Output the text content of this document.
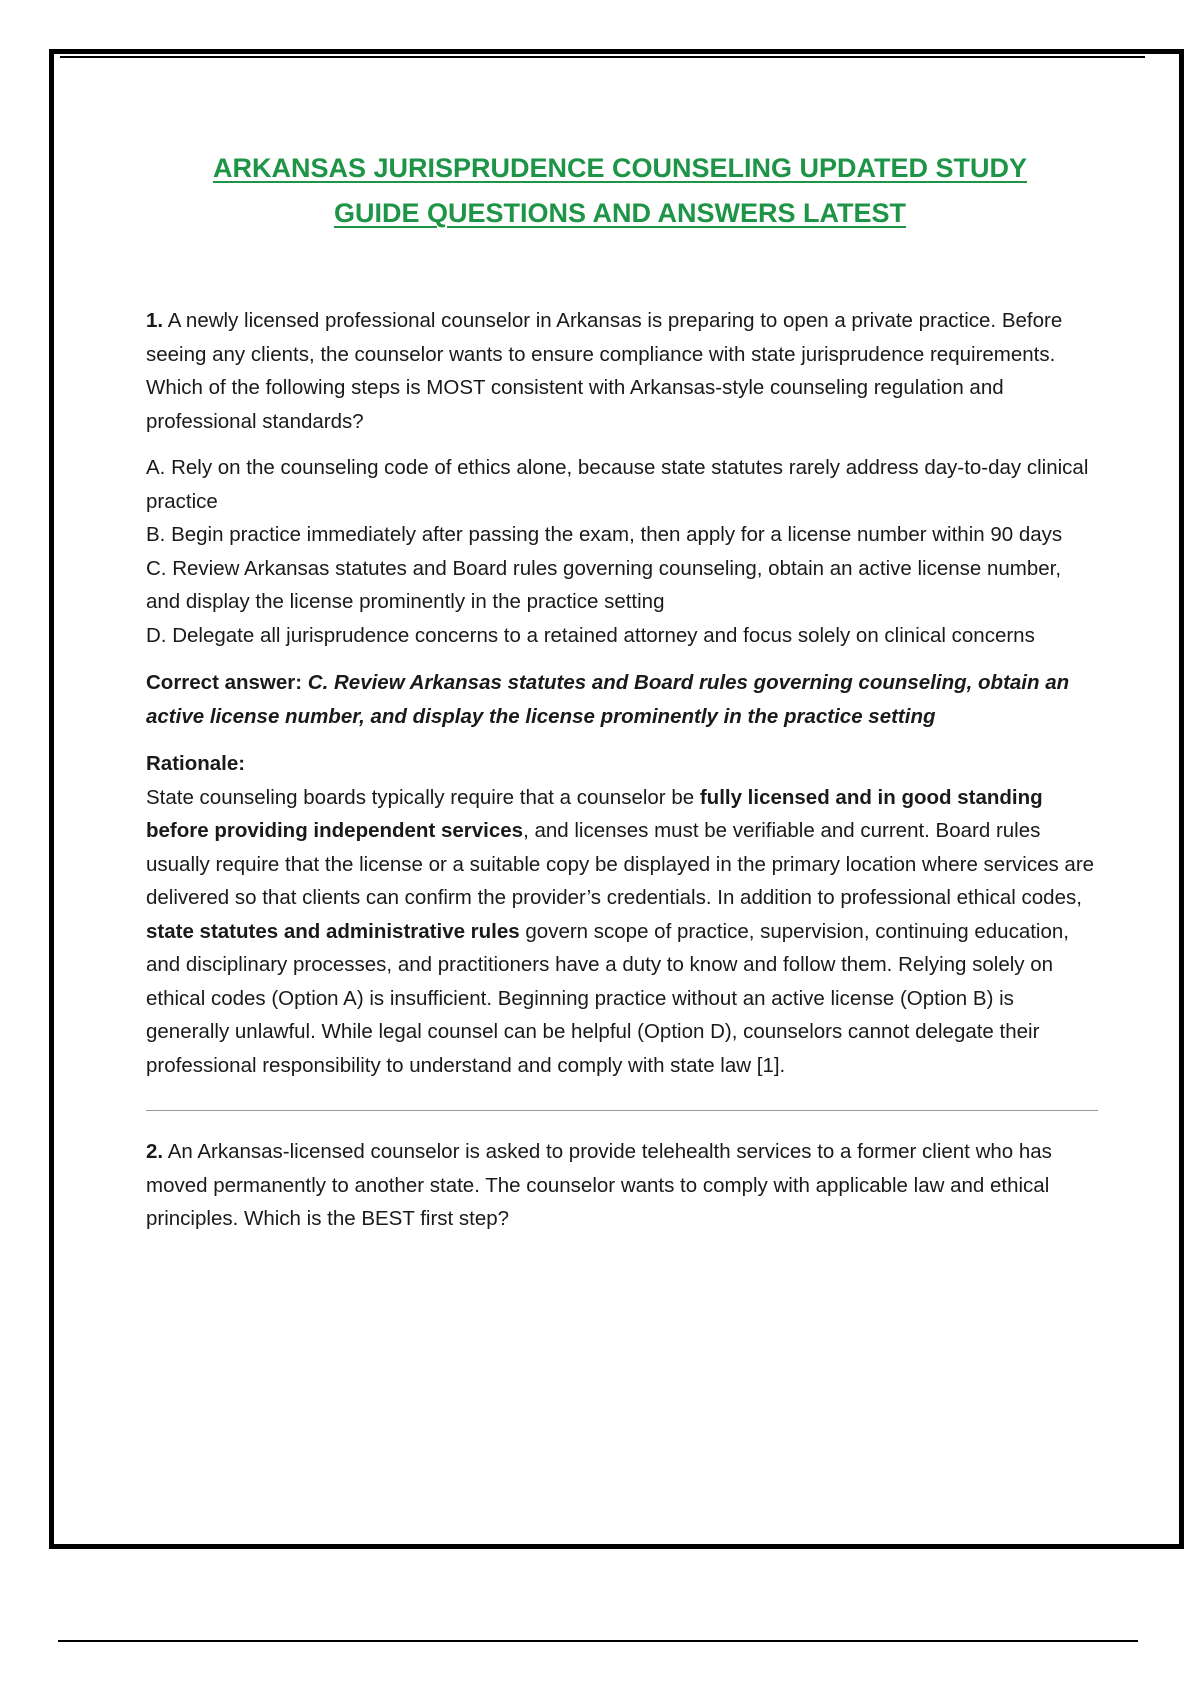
ARKANSAS JURISPRUDENCE COUNSELING UPDATED STUDY
GUIDE QUESTIONS AND ANSWERS LATEST

1. A newly licensed professional counselor in Arkansas is preparing to open a private practice. Before seeing any clients, the counselor wants to ensure compliance with state jurisprudence requirements. Which of the following steps is MOST consistent with Arkansas-style counseling regulation and professional standards?

A. Rely on the counseling code of ethics alone, because state statutes rarely address day-to-day clinical practice

B. Begin practice immediately after passing the exam, then apply for a license number within 90 days

C. Review Arkansas statutes and Board rules governing counseling, obtain an active license number, and display the license prominently in the practice setting

D. Delegate all jurisprudence concerns to a retained attorney and focus solely on clinical concerns

Correct answer: C. Review Arkansas statutes and Board rules governing counseling, obtain an active license number, and display the license prominently in the practice setting
Rationale:

State counseling boards typically require that a counselor be fully licensed and in good standing before providing independent services, and licenses must be verifiable and current. Board rules usually require that the license or a suitable copy be displayed in the primary location where services are delivered so that clients can confirm the provider’s credentials. In addition to professional ethical codes, state statutes and administrative rules govern scope of practice, supervision, continuing education, and disciplinary processes, and practitioners have a duty to know and follow them. Relying solely on ethical codes (Option A) is insufficient. Beginning practice without an active license (Option B) is generally unlawful. While legal counsel can be helpful (Option D), counselors cannot delegate their professional responsibility to understand and comply with state law [1].

2. An Arkansas-licensed counselor is asked to provide telehealth services to a former client who has moved permanently to another state. The counselor wants to comply with applicable law and ethical principles. Which is the BEST first step?
